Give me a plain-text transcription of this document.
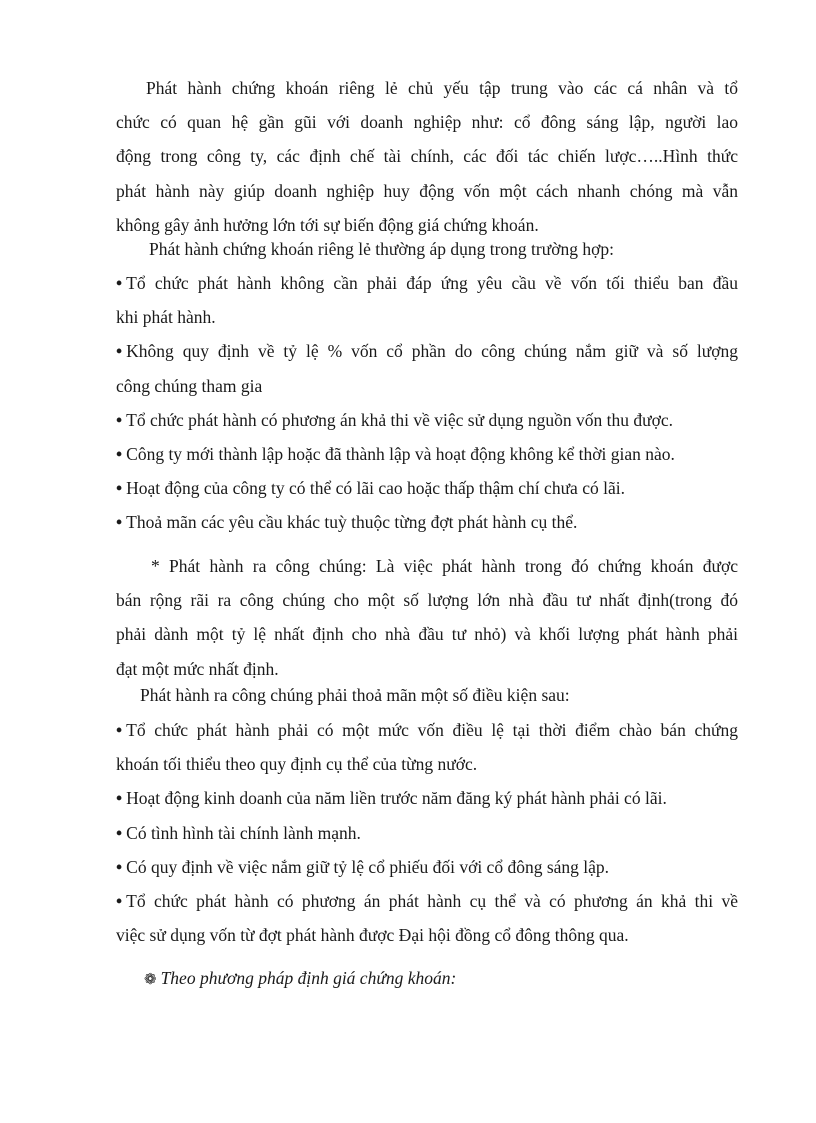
Phát hành chứng khoán riêng lẻ chủ yếu tập trung vào các cá nhân và tổ
chức có quan hệ gần gũi với doanh nghiệp như: cổ đông sáng lập, người lao
động trong công ty, các định chế tài chính, các đối tác chiến lược…..Hình thức
phát hành này giúp doanh nghiệp huy động vốn một cách nhanh chóng mà vẫn
không gây ảnh hưởng lớn tới sự biến động giá chứng khoán.
Phát hành chứng khoán riêng lẻ thường áp dụng trong trường hợp:
• Tổ chức phát hành không cần phải đáp ứng yêu cầu về vốn tối thiểu ban đầu
khi phát hành.
• Không quy định về tỷ lệ % vốn cổ phần do công chúng nắm giữ và số lượng
công chúng tham gia
• Tổ chức phát hành có phương án khả thi về việc sử dụng nguồn vốn thu được.
• Công ty mới thành lập hoặc đã thành lập và hoạt động không kể thời gian nào.
• Hoạt động của công ty có thể có lãi cao hoặc thấp thậm chí chưa có lãi.
• Thoả mãn các yêu cầu khác tuỳ thuộc từng đợt phát hành cụ thể.
* Phát hành ra công chúng: Là việc phát hành trong đó chứng khoán được
bán rộng rãi ra công chúng cho một số lượng lớn nhà đầu tư nhất định(trong đó
phải dành một tỷ lệ nhất định cho nhà đầu tư nhỏ) và khối lượng phát hành phải
đạt một mức nhất định.
Phát hành ra công chúng phải thoả mãn một số điều kiện sau:
• Tổ chức phát hành phải có một mức vốn điều lệ tại thời điểm chào bán chứng
khoán tối thiểu theo quy định cụ thể của từng nước.
• Hoạt động kinh doanh của năm liền trước năm đăng ký phát hành phải có lãi.
• Có tình hình tài chính lành mạnh.
• Có quy định về việc nắm giữ tỷ lệ cổ phiếu đối với cổ đông sáng lập.
• Tổ chức phát hành có phương án phát hành cụ thể và có phương án khả thi về
việc sử dụng vốn từ đợt phát hành được Đại hội đồng cổ đông thông qua.
❁ Theo phương pháp định giá chứng khoán:
